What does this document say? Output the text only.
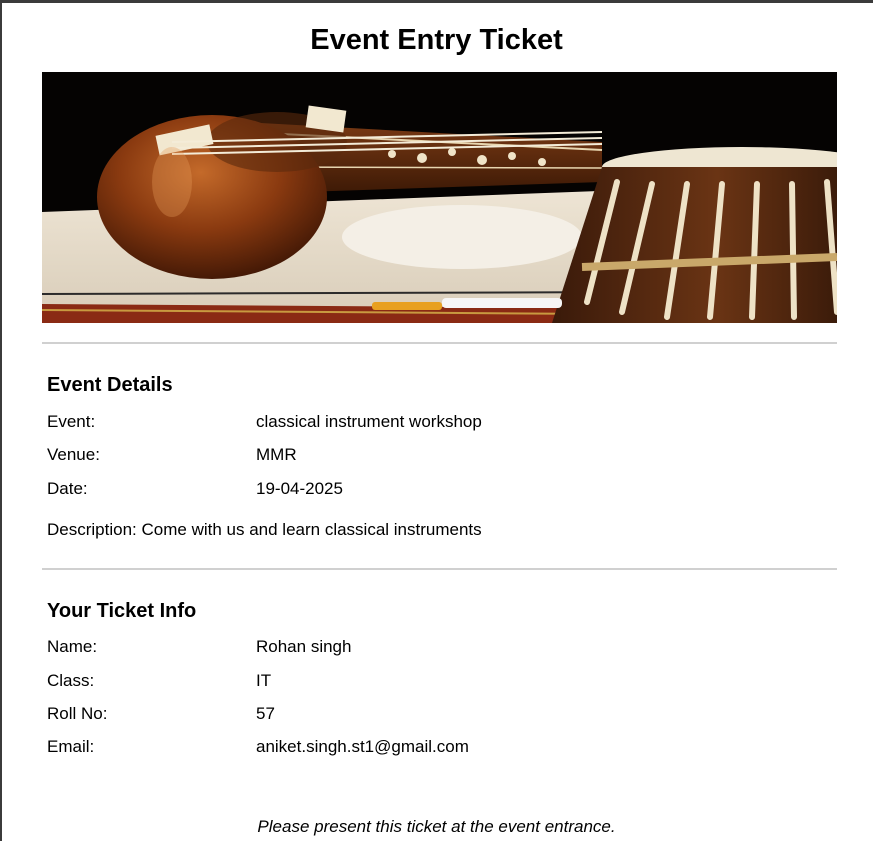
Event Entry Ticket
Event Details
Event:	classical instrument workshop
Venue:	MMR
Date:	19-04-2025
Description: Come with us and learn classical instruments
Your Ticket Info
Name:	Rohan singh
Class:	IT
Roll No:	57
Email:	aniket.singh.st1@gmail.com
Please present this ticket at the event entrance.
